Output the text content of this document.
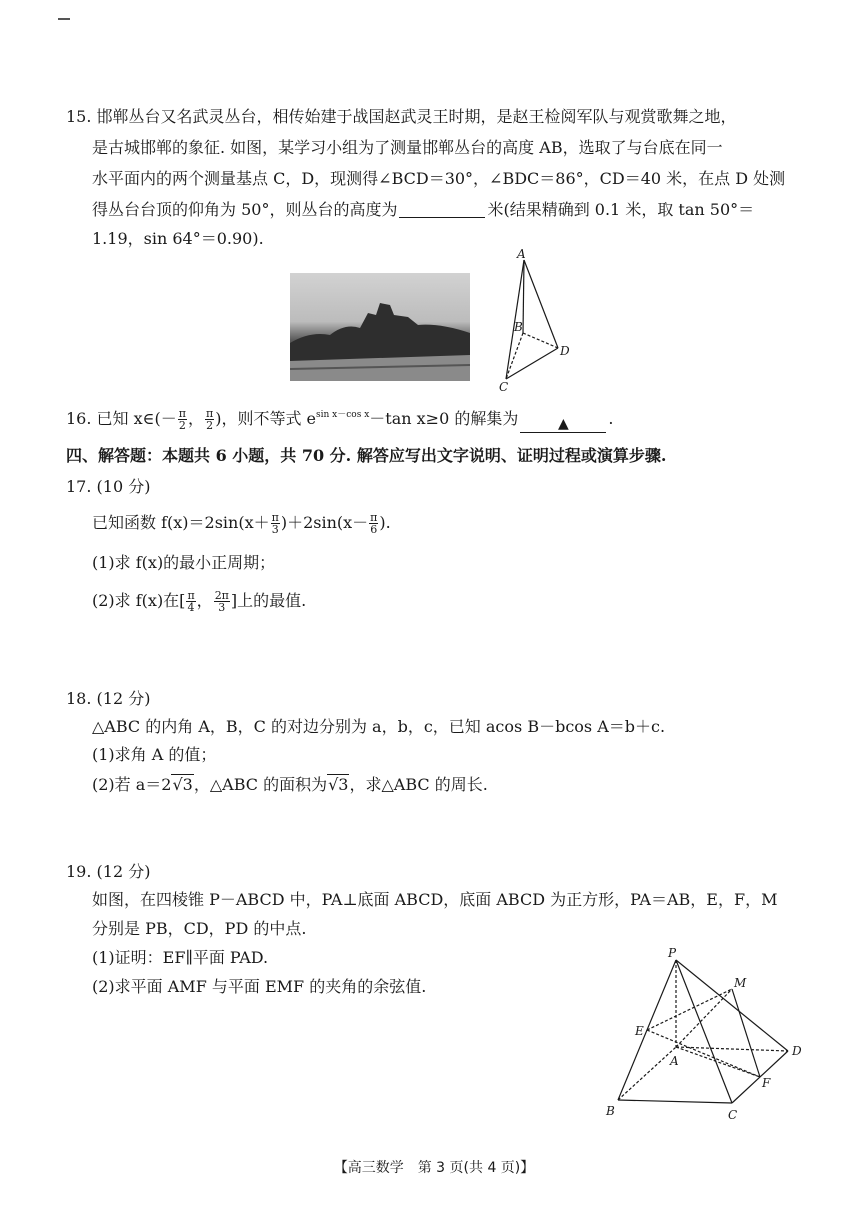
15. 邯郸丛台又名武灵丛台，相传始建于战国赵武灵王时期，是赵王检阅军队与观赏歌舞之地，
是古城邯郸的象征. 如图，某学习小组为了测量邯郸丛台的高度 AB，选取了与台底在同一
水平面内的两个测量基点 C，D，现测得∠BCD＝30°，∠BDC＝86°，CD＝40 米，在点 D 处测
得丛台台顶的仰角为 50°，则丛台的高度为	米(结果精确到 0.1 米，取 tan 50°＝
1.19，sin 64°＝0.90).
A
B
C
D
16. 已知 x∈(－ $\frac{\pi}{2}$ ， $\frac{\pi}{2}$ )，则不等式 $e^{sin x-cos x}-\tan$ x≥0 的解集为	▲ .
四、解答题：本题共 6 小题，共 70 分. 解答应写出文字说明、证明过程或演算步骤.
17. (10 分)
已知函数 $f(x)=2\sin(x+ \frac{\pi}{3} )+2\sin(x- \frac{\pi}{6}$ ).
(1)求 f(x)的最小正周期；
(2)求 f(x)在[ $\frac{\pi}{4}$ ， $\frac{2\pi}{3}$ ]上的最值.
18. (12 分)
△ABC 的内角 A，B，C 的对边分别为 a，b，c，已知 acos B－bcos A＝b＋c.
(1)求角 A 的值；
(2)若 a＝2√3，△ABC 的面积为√3，求△ABC 的周长.
19. (12 分)
如图，在四棱锥 P－ABCD 中，PA⊥底面 ABCD，底面 ABCD 为正方形，PA＝AB，E，F，M
分别是 PB，CD，PD 的中点.
(1)证明：EF∥平面 PAD.
(2)求平面 AMF 与平面 EMF 的夹角的余弦值.
P
M
E
D
A
F
B	C
【高三数学　第 3 页(共 4 页)】
